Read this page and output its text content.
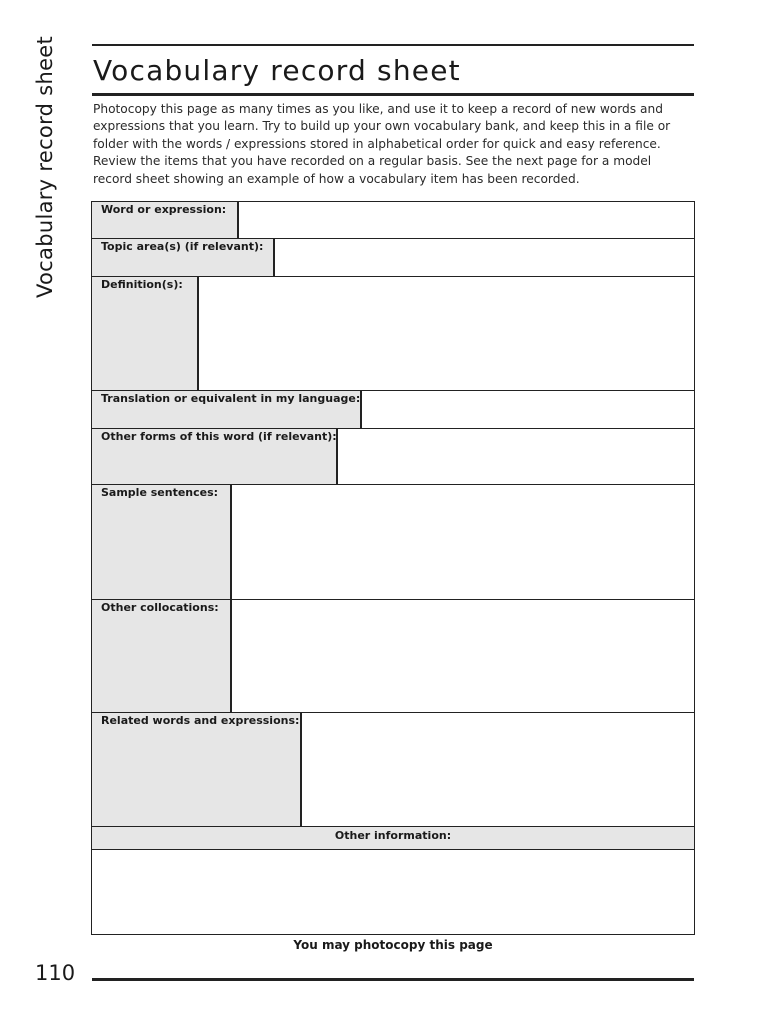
Vocabulary record sheet Vocabulary record sheet
Photocopy this page as many times as you like, and use it to keep a record of new words and expressions that you learn. Try to build up your own vocabulary bank, and keep this in a file or folder with the words / expressions stored in alphabetical order for quick and easy reference. Review the items that you have recorded on a regular basis. See the next page for a model record sheet showing an example of how a vocabulary item has been recorded.
Word or expression:
Topic area(s) (if relevant):
Definition(s):
Translation or equivalent in my language:
Other forms of this word (if relevant):
Sample sentences:
Other collocations:
Related words and expressions:
Other information:
You may photocopy this page
110
